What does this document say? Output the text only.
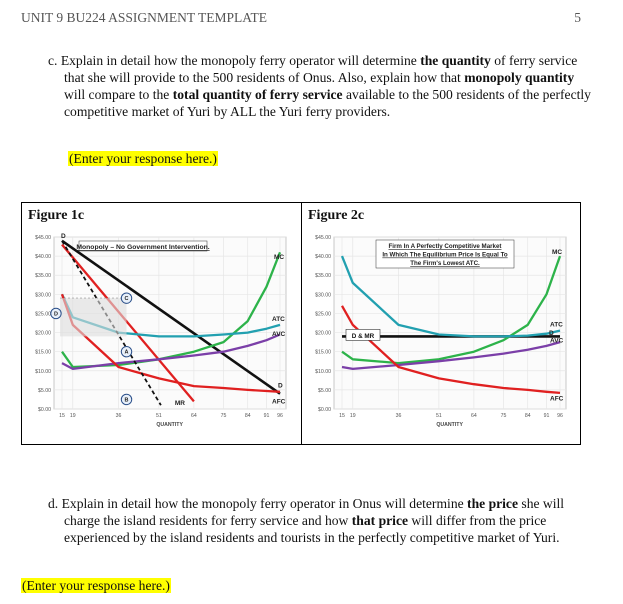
UNIT 9 BU224 ASSIGNMENT TEMPLATE	5
c. Explain in detail how the monopoly ferry operator will determine the quantity of ferry service that she will provide to the 500 residents of Onus. Also, explain how that monopoly quantity will compare to the total quantity of ferry service available to the 500 residents of the perfectly competitive market of Yuri by ALL the Yuri ferry providers.
(Enter your response here.)
Figure 1c
$0.00
$5.00
$10.00
$15.00
$20.00
$25.00
$30.00
$35.00
$40.00
$45.00
15 19	36	51	64	75	84	91 96
QUANTITY
Monopoly – No Government Intervention.
C
A
B
D
D
MC
ATC
AVC
D
AFC
MR

Figure 2c
$0.00
$5.00
$10.00
$15.00
$20.00
$25.00
$30.00
$35.00
$40.00
$45.00
15 19	36	51	64	75	84	91 96
QUANTITY
Firm In A Perfectly Competitive Market In Which The Equilibrium Price Is Equal To The Firm's Lowest ATC.
D & MR
MC
ATC
D
AVC
AFC
d. Explain in detail how the monopoly ferry operator in Onus will determine the price she will charge the island residents for ferry service and how that price will differ from the price experienced by the island residents and tourists in the perfectly competitive market of Yuri.
(Enter your response here.)
